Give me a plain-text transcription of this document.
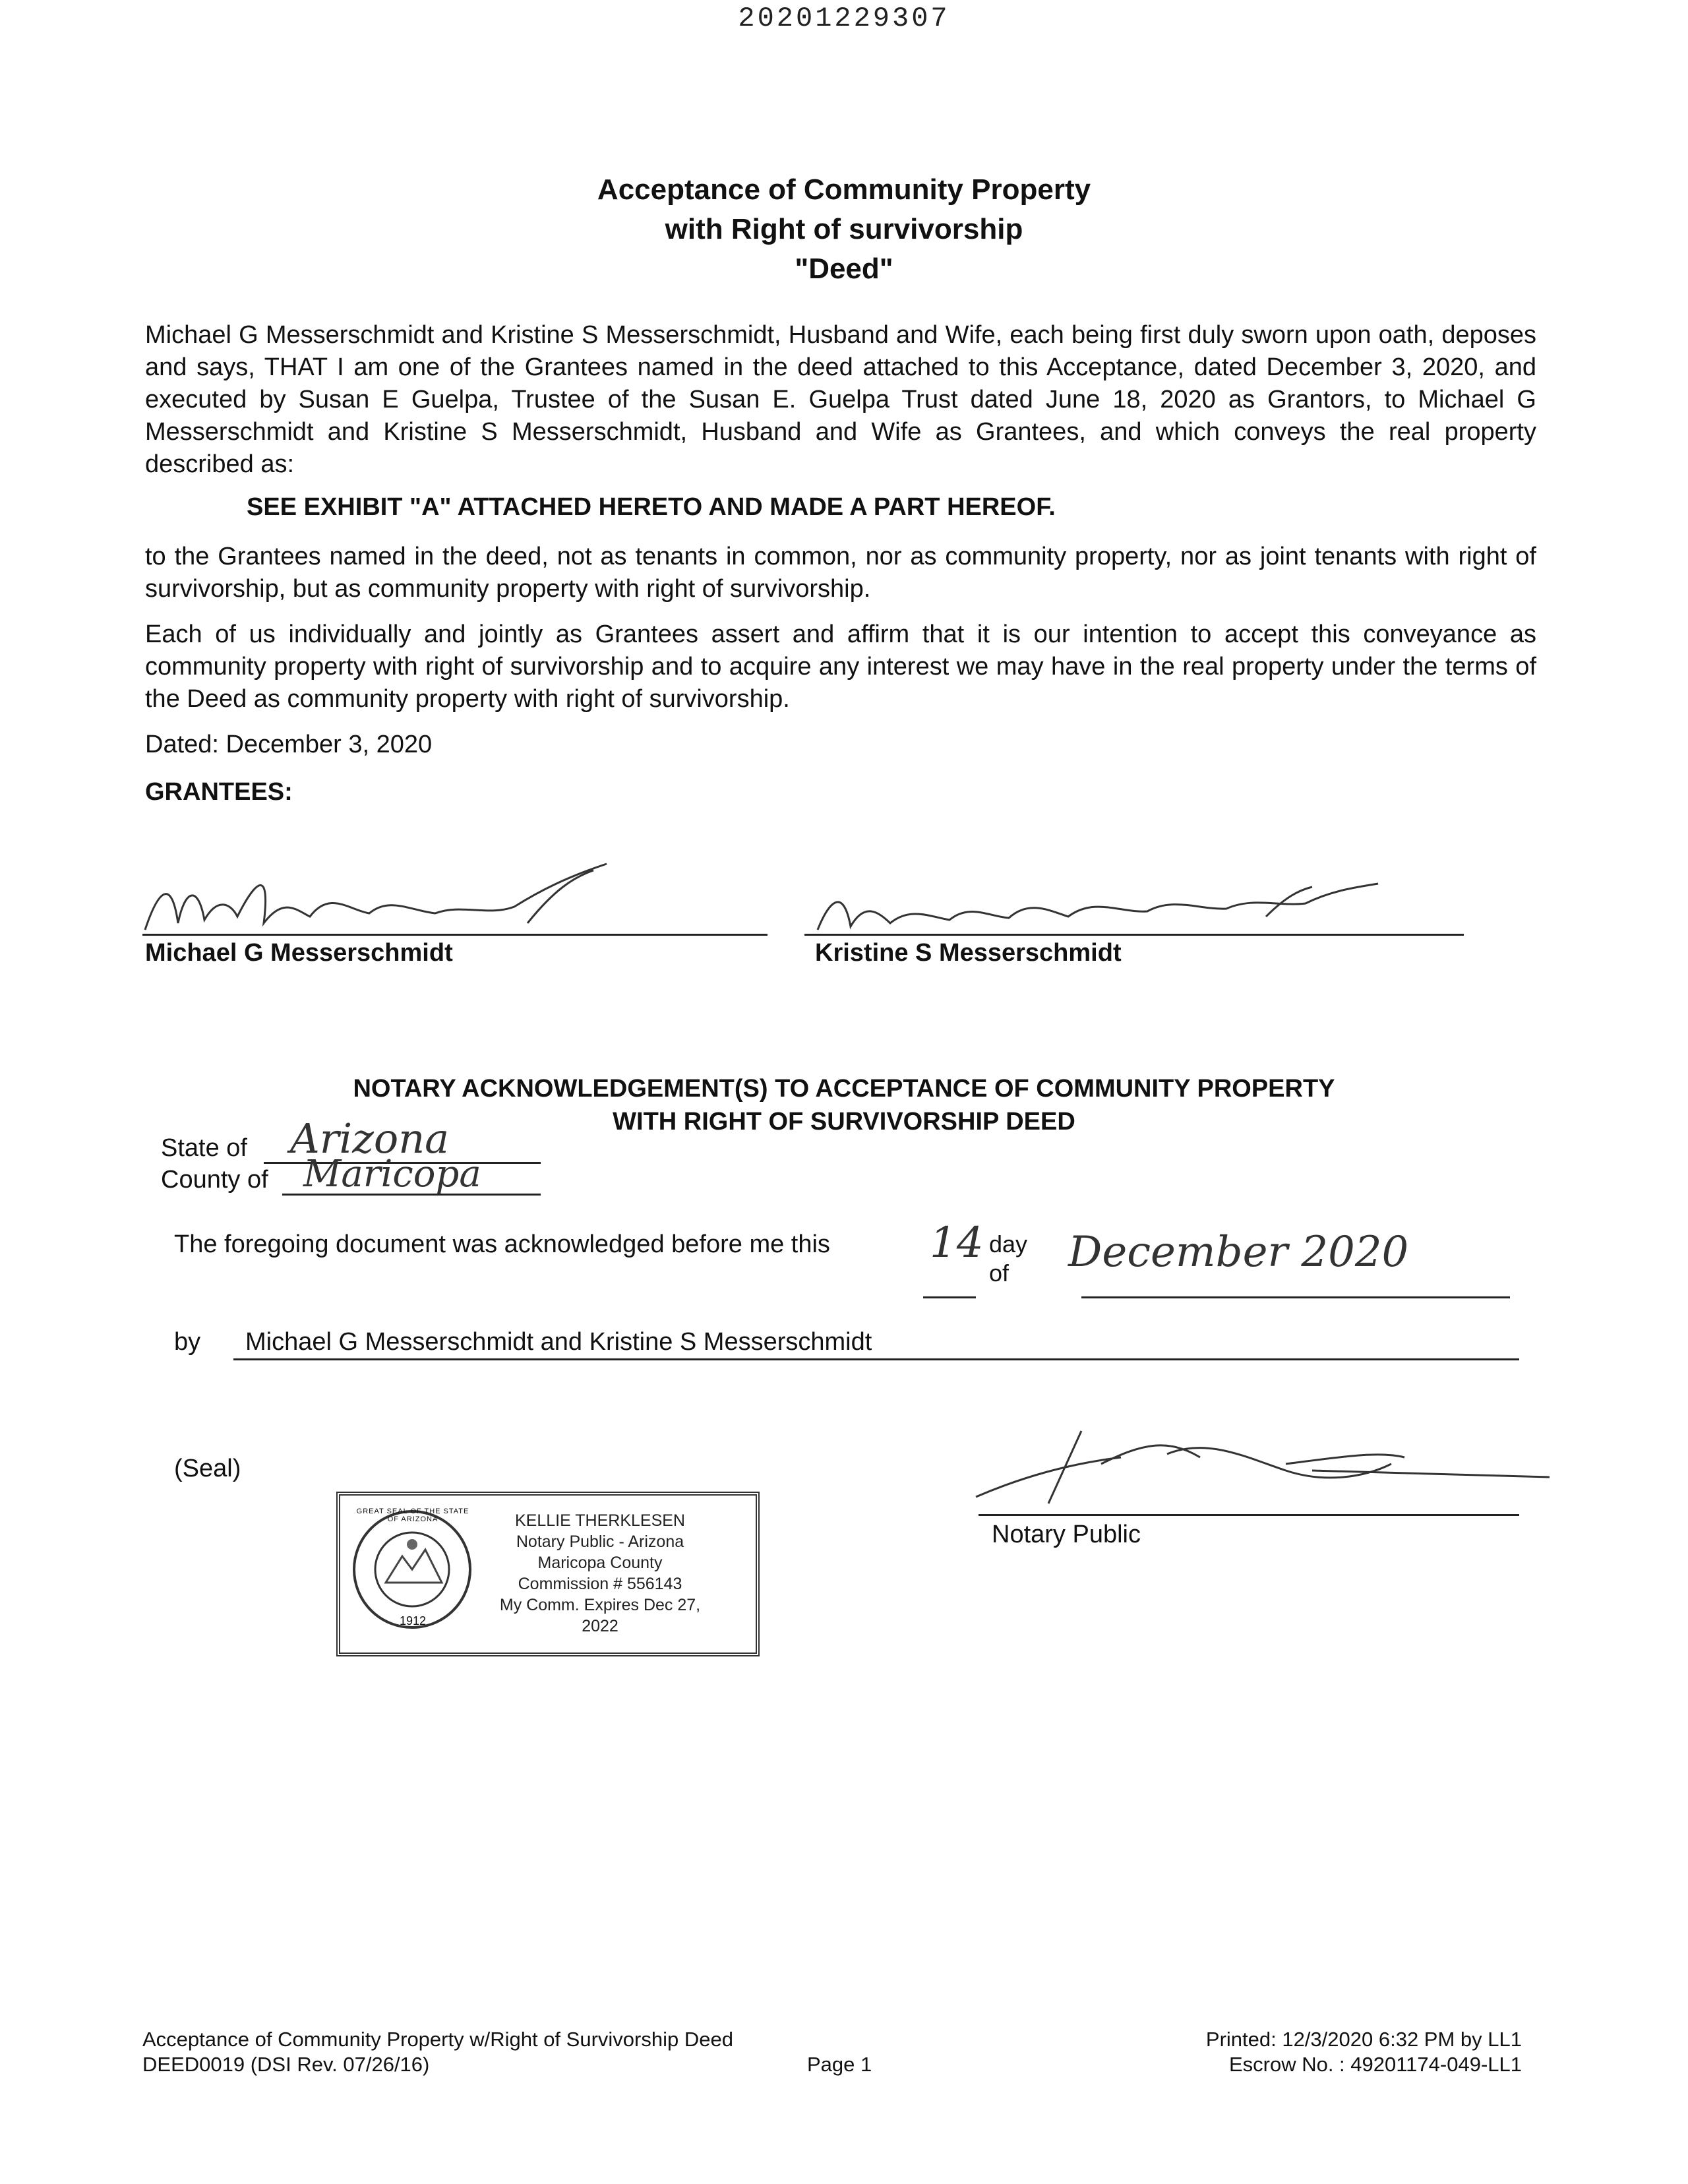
20201229307
Acceptance of Community Property
with Right of survivorship
"Deed"
Michael G Messerschmidt and Kristine S Messerschmidt, Husband and Wife, each being first duly sworn upon oath, deposes and says, THAT I am one of the Grantees named in the deed attached to this Acceptance, dated December 3, 2020, and executed by Susan E Guelpa, Trustee of the Susan E. Guelpa Trust dated June 18, 2020 as Grantors, to Michael G Messerschmidt and Kristine S Messerschmidt, Husband and Wife as Grantees, and which conveys the real property described as:
SEE EXHIBIT "A" ATTACHED HERETO AND MADE A PART HEREOF.
to the Grantees named in the deed, not as tenants in common, nor as community property, nor as joint tenants with right of survivorship, but as community property with right of survivorship.
Each of us individually and jointly as Grantees assert and affirm that it is our intention to accept this conveyance as community property with right of survivorship and to acquire any interest we may have in the real property under the terms of the Deed as community property with right of survivorship.
Dated: December 3, 2020
GRANTEES:
Michael G Messerschmidt	Kristine S Messerschmidt
NOTARY ACKNOWLEDGEMENT(S) TO ACCEPTANCE OF COMMUNITY PROPERTY
WITH RIGHT OF SURVIVORSHIP DEED
State of Arizona
County of Maricopa
The foregoing document was acknowledged before me this 14 day
of December 2020
by Michael G Messerschmidt and Kristine S Messerschmidt
(Seal)
GREAT SEAL OF THE STATE OF ARIZONA
1912
KELLIE THERKLESEN
Notary Public - Arizona
Maricopa County
Commission # 556143
My Comm. Expires Dec 27, 2022
Notary Public
Acceptance of Community Property w/Right of Survivorship Deed
DEED0019 (DSI Rev. 07/26/16)	Page 1
Printed: 12/3/2020 6:32 PM by LL1
Escrow No. : 49201174-049-LL1
